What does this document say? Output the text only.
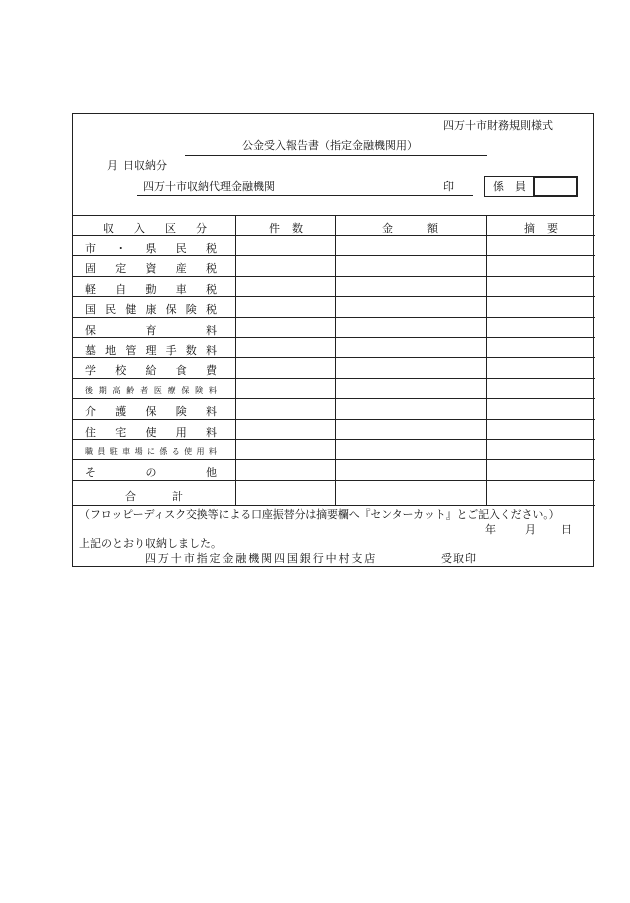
四万十市財務規則様式
公金受入報告書（指定金融機関用）
月 日収納分
四万十市収納代理金融機関	印	係　員
収 入 区 分	件 数	金	額	摘 要
市 ・ 県 民 税
固 定 資 産 税
軽 自 動 車 税
国 民 健 康 保 険 税
保	育	料
墓 地 管 理 手 数 料
学 校 給 食 費
後 期 高 齢 者 医 療 保 険 料
介 護 保 険 料
住 宅 使 用 料
職 員 駐 車 場 に 係 る 使 用 料
そ	の	他
合	計
（フロッピーディスク交換等による口座振替分は摘要欄へ『センターカット』とご記入ください。）
年	月 日
上記のとおり収納しました。
四万十市指定金融機関四国銀行中村支店	受取印
